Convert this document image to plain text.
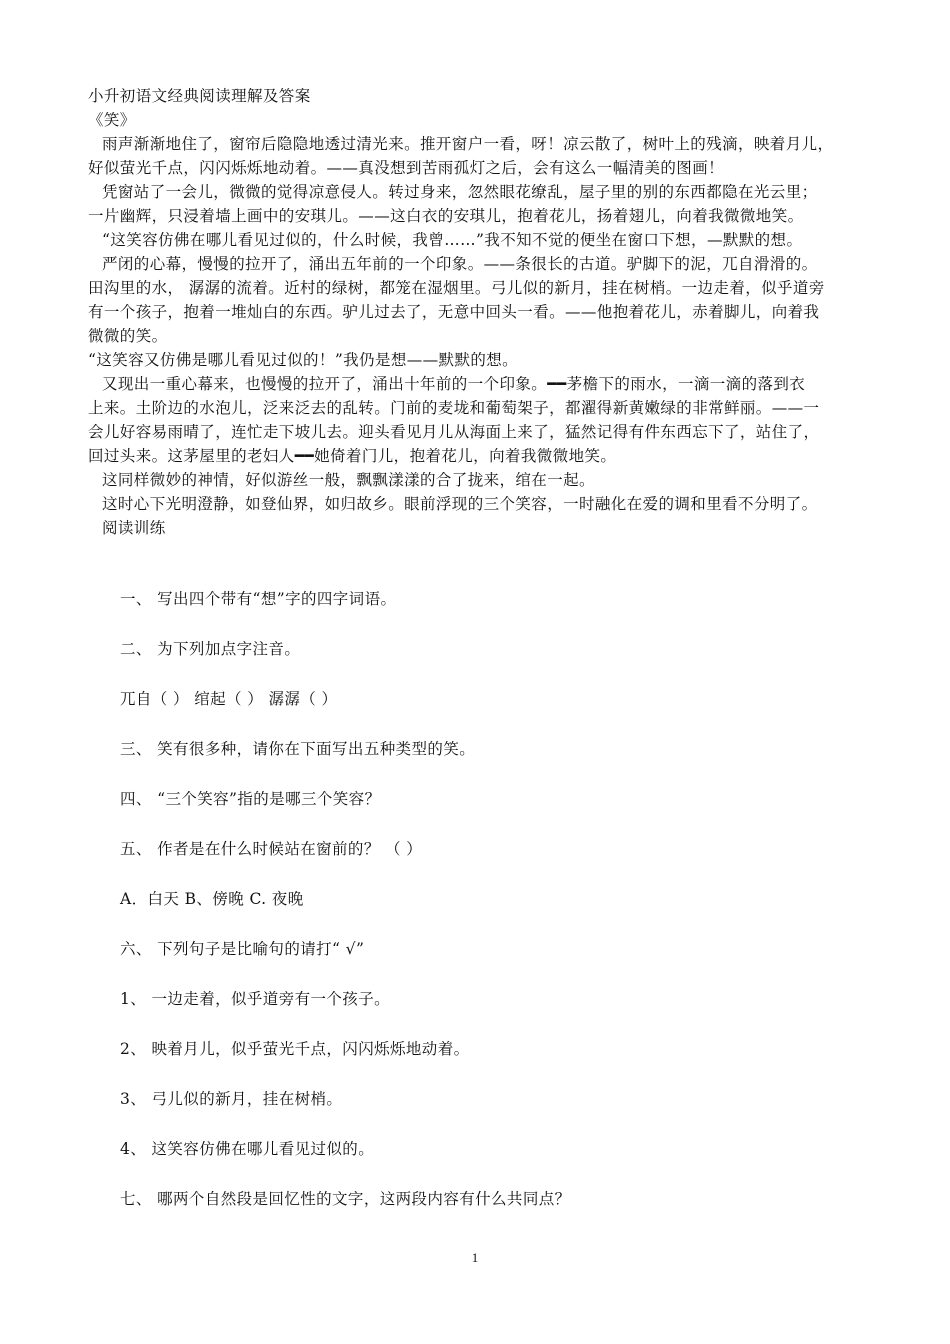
小升初语文经典阅读理解及答案
《笑》
雨声渐渐地住了，窗帘后隐隐地透过清光来。推开窗户一看，呀！凉云散了，树叶上的残滴，映着月儿，
好似萤光千点，闪闪烁烁地动着。——真没想到苦雨孤灯之后，会有这么一幅清美的图画！
凭窗站了一会儿，微微的觉得凉意侵人。转过身来，忽然眼花缭乱，屋子里的别的东西都隐在光云里；
一片幽辉，只浸着墙上画中的安琪儿。——这白衣的安琪儿，抱着花儿，扬着翅儿，向着我微微地笑。
“这笑容仿佛在哪儿看见过似的，什么时候，我曾……”我不知不觉的便坐在窗口下想，—默默的想。
严闭的心幕，慢慢的拉开了，涌出五年前的一个印象。——条很长的古道。驴脚下的泥，兀自滑滑的。
田沟里的水， 潺潺的流着。近村的绿树，都笼在湿烟里。弓儿似的新月，挂在树梢。一边走着，似乎道旁
有一个孩子，抱着一堆灿白的东西。驴儿过去了，无意中回头一看。——他抱着花儿，赤着脚儿，向着我
微微的笑。
“这笑容又仿佛是哪儿看见过似的！”我仍是想——默默的想。
又现出一重心幕来，也慢慢的拉开了，涌出十年前的一个印象。━━茅檐下的雨水，一滴一滴的落到衣
上来。土阶边的水泡儿，泛来泛去的乱转。门前的麦垅和葡萄架子，都濯得新黄嫩绿的非常鲜丽。——一
会儿好容易雨晴了，连忙走下坡儿去。迎头看见月儿从海面上来了，猛然记得有件东西忘下了，站住了，
回过头来。这茅屋里的老妇人━━她倚着门儿，抱着花儿，向着我微微地笑。
这同样微妙的神情，好似游丝一般，飘飘漾漾的合了拢来，绾在一起。
这时心下光明澄静，如登仙界，如归故乡。眼前浮现的三个笑容，一时融化在爱的调和里看不分明了。
阅读训练
一、 写出四个带有“想”字的四字词语。
二、 为下列加点字注音。
兀自（ ） 绾起（ ） 潺潺（ ）
三、 笑有很多种，请你在下面写出五种类型的笑。
四、 “三个笑容”指的是哪三个笑容？
五、 作者是在什么时候站在窗前的？ （ ）
A．白天 B、傍晚 C. 夜晚
六、 下列句子是比喻句的请打“ √”
1、 一边走着，似乎道旁有一个孩子。
2、 映着月儿，似乎萤光千点，闪闪烁烁地动着。
3、 弓儿似的新月，挂在树梢。
4、 这笑容仿佛在哪儿看见过似的。
七、 哪两个自然段是回忆性的文字，这两段内容有什么共同点？
1
